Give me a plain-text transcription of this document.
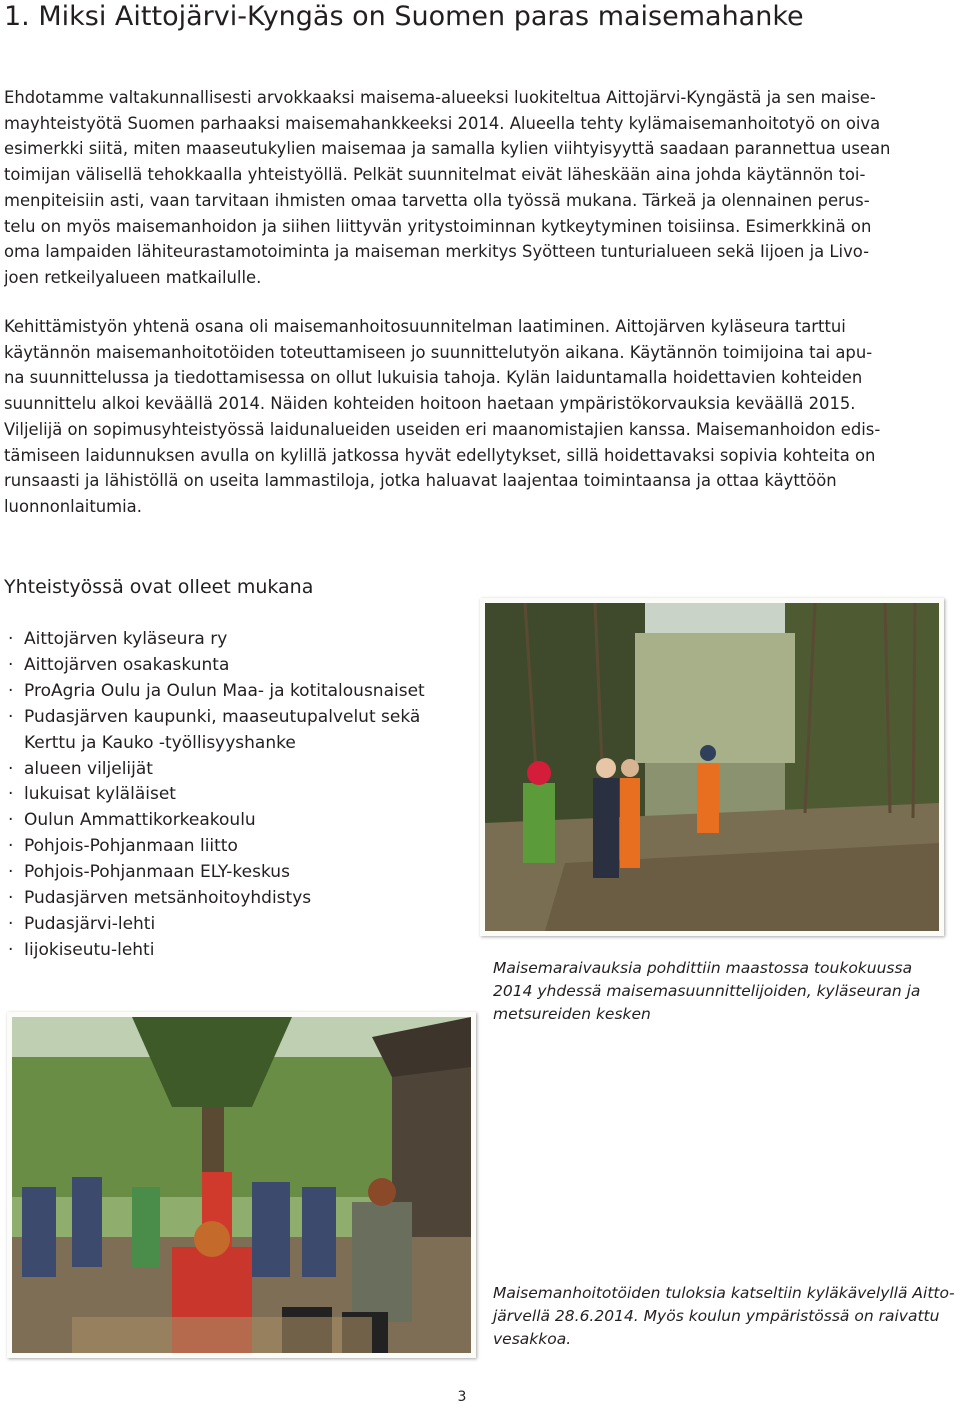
1. Miksi Aittojärvi-Kyngäs on Suomen paras maisemahanke
Ehdotamme valtakunnallisesti arvokkaaksi maisema-alueeksi luokiteltua Aittojärvi-Kyngästä ja sen maise-
mayhteistyötä Suomen parhaaksi maisemahankkeeksi 2014. Alueella tehty kylämaisemanhoitotyö on oiva
esimerkki siitä, miten maaseutukylien maisemaa ja samalla kylien viihtyisyyttä saadaan parannettua usean
toimijan välisellä tehokkaalla yhteistyöllä. Pelkät suunnitelmat eivät läheskään aina johda käytännön toi-
menpiteisiin asti, vaan tarvitaan ihmisten omaa tarvetta olla työssä mukana. Tärkeä ja olennainen perus-
telu on myös maisemanhoidon ja siihen liittyvän yritystoiminnan kytkeytyminen toisiinsa. Esimerkkinä on
oma lampaiden lähiteurastamotoiminta ja maiseman merkitys Syötteen tunturialueen sekä Iijoen ja Livo-
joen retkeilyalueen matkailulle.
Kehittämistyön yhtenä osana oli maisemanhoitosuunnitelman laatiminen. Aittojärven kyläseura tarttui
käytännön maisemanhoitotöiden toteuttamiseen jo suunnittelutyön aikana. Käytännön toimijoina tai apu-
na suunnittelussa ja tiedottamisessa on ollut lukuisia tahoja. Kylän laiduntamalla hoidettavien kohteiden
suunnittelu alkoi keväällä 2014. Näiden kohteiden hoitoon haetaan ympäristökorvauksia keväällä 2015.
Viljelijä on sopimusyhteistyössä laidunalueiden useiden eri maanomistajien kanssa. Maisemanhoidon edis-
tämiseen laidunnuksen avulla on kylillä jatkossa hyvät edellytykset, sillä hoidettavaksi sopivia kohteita on
runsaasti ja lähistöllä on useita lammastiloja, jotka haluavat laajentaa toimintaansa ja ottaa käyttöön
luonnonlaitumia.
Yhteistyössä ovat olleet mukana
· Aittojärven kyläseura ry
· Aittojärven osakaskunta
· ProAgria Oulu ja Oulun Maa- ja kotitalousnaiset
· Pudasjärven kaupunki, maaseutupalvelut sekä
Kerttu ja Kauko -työllisyyshanke
· alueen viljelijät
· lukuisat kyläläiset
· Oulun Ammattikorkeakoulu
· Pohjois-Pohjanmaan liitto
· Pohjois-Pohjanmaan ELY-keskus
· Pudasjärven metsänhoitoyhdistys
· Pudasjärvi-lehti
· Iijokiseutu-lehti

Maisemaraivauksia pohdittiin maastossa toukokuussa
2014 yhdessä maisemasuunnittelijoiden, kyläseuran ja
metsureiden kesken

Maisemanhoitotöiden tuloksia katseltiin kyläkävelyllä Aitto-
järvellä 28.6.2014. Myös koulun ympäristössä on raivattu
vesakkoa.

3
